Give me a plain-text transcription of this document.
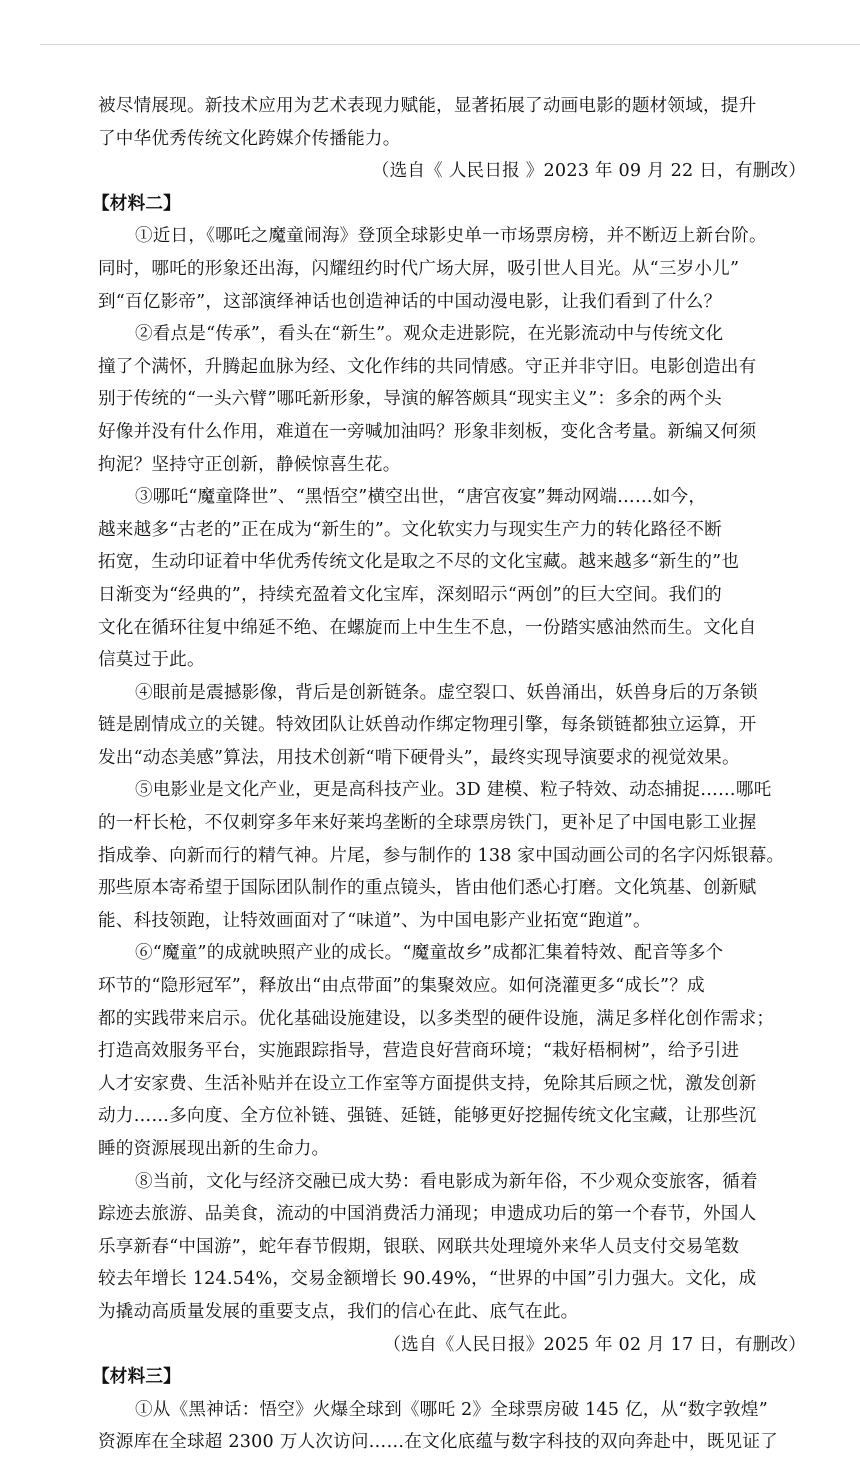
被尽情展现。新技术应用为艺术表现力赋能，显著拓展了动画电影的题材领域，提升
了中华优秀传统文化跨媒介传播能力。
（选自《 人民日报 》2023 年 09 月 22 日，有删改）
【材料二】
①近日，《哪吒之魔童闹海》登顶全球影史单一市场票房榜，并不断迈上新台阶。
同时，哪吒的形象还出海，闪耀纽约时代广场大屏，吸引世人目光。从“三岁小儿”
到“百亿影帝”，这部演绎神话也创造神话的中国动漫电影，让我们看到了什么？
②看点是“传承”，看头在“新生”。观众走进影院，在光影流动中与传统文化
撞了个满怀，升腾起血脉为经、文化作纬的共同情感。守正并非守旧。电影创造出有
别于传统的“一头六臂”哪吒新形象，导演的解答颇具“现实主义”：多余的两个头
好像并没有什么作用，难道在一旁喊加油吗？形象非刻板，变化含考量。新编又何须
拘泥？坚持守正创新，静候惊喜生花。
③哪吒“魔童降世”、“黑悟空”横空出世，“唐宫夜宴”舞动网端……如今，
越来越多“古老的”正在成为“新生的”。文化软实力与现实生产力的转化路径不断
拓宽，生动印证着中华优秀传统文化是取之不尽的文化宝藏。越来越多“新生的”也
日渐变为“经典的”，持续充盈着文化宝库，深刻昭示“两创”的巨大空间。我们的
文化在循环往复中绵延不绝、在螺旋而上中生生不息，一份踏实感油然而生。文化自
信莫过于此。
④眼前是震撼影像，背后是创新链条。虚空裂口、妖兽涌出，妖兽身后的万条锁
链是剧情成立的关键。特效团队让妖兽动作绑定物理引擎，每条锁链都独立运算，开
发出“动态美感”算法，用技术创新“啃下硬骨头”，最终实现导演要求的视觉效果。
⑤电影业是文化产业，更是高科技产业。3D 建模、粒子特效、动态捕捉……哪吒
的一杆长枪，不仅刺穿多年来好莱坞垄断的全球票房铁门，更补足了中国电影工业握
指成拳、向新而行的精气神。片尾，参与制作的 138 家中国动画公司的名字闪烁银幕。
那些原本寄希望于国际团队制作的重点镜头，皆由他们悉心打磨。文化筑基、创新赋
能、科技领跑，让特效画面对了“味道”、为中国电影产业拓宽“跑道”。
⑥“魔童”的成就映照产业的成长。“魔童故乡”成都汇集着特效、配音等多个
环节的“隐形冠军”，释放出“由点带面”的集聚效应。如何浇灌更多“成长”？成
都的实践带来启示。优化基础设施建设，以多类型的硬件设施，满足多样化创作需求；
打造高效服务平台，实施跟踪指导，营造良好营商环境；“栽好梧桐树”，给予引进
人才安家费、生活补贴并在设立工作室等方面提供支持，免除其后顾之忧，激发创新
动力……多向度、全方位补链、强链、延链，能够更好挖掘传统文化宝藏，让那些沉
睡的资源展现出新的生命力。
⑧当前，文化与经济交融已成大势：看电影成为新年俗，不少观众变旅客，循着
踪迹去旅游、品美食，流动的中国消费活力涌现；申遗成功后的第一个春节，外国人
乐享新春“中国游”，蛇年春节假期，银联、网联共处理境外来华人员支付交易笔数
较去年增长 124.54%，交易金额增长 90.49%，“世界的中国”引力强大。文化，成
为撬动高质量发展的重要支点，我们的信心在此、底气在此。
（选自《人民日报》2025 年 02 月 17 日，有删改）
【材料三】
①从《黑神话：悟空》火爆全球到《哪吒 2》全球票房破 145 亿，从“数字敦煌”
资源库在全球超 2300 万人次访问……在文化底蕴与数字科技的双向奔赴中，既见证了
